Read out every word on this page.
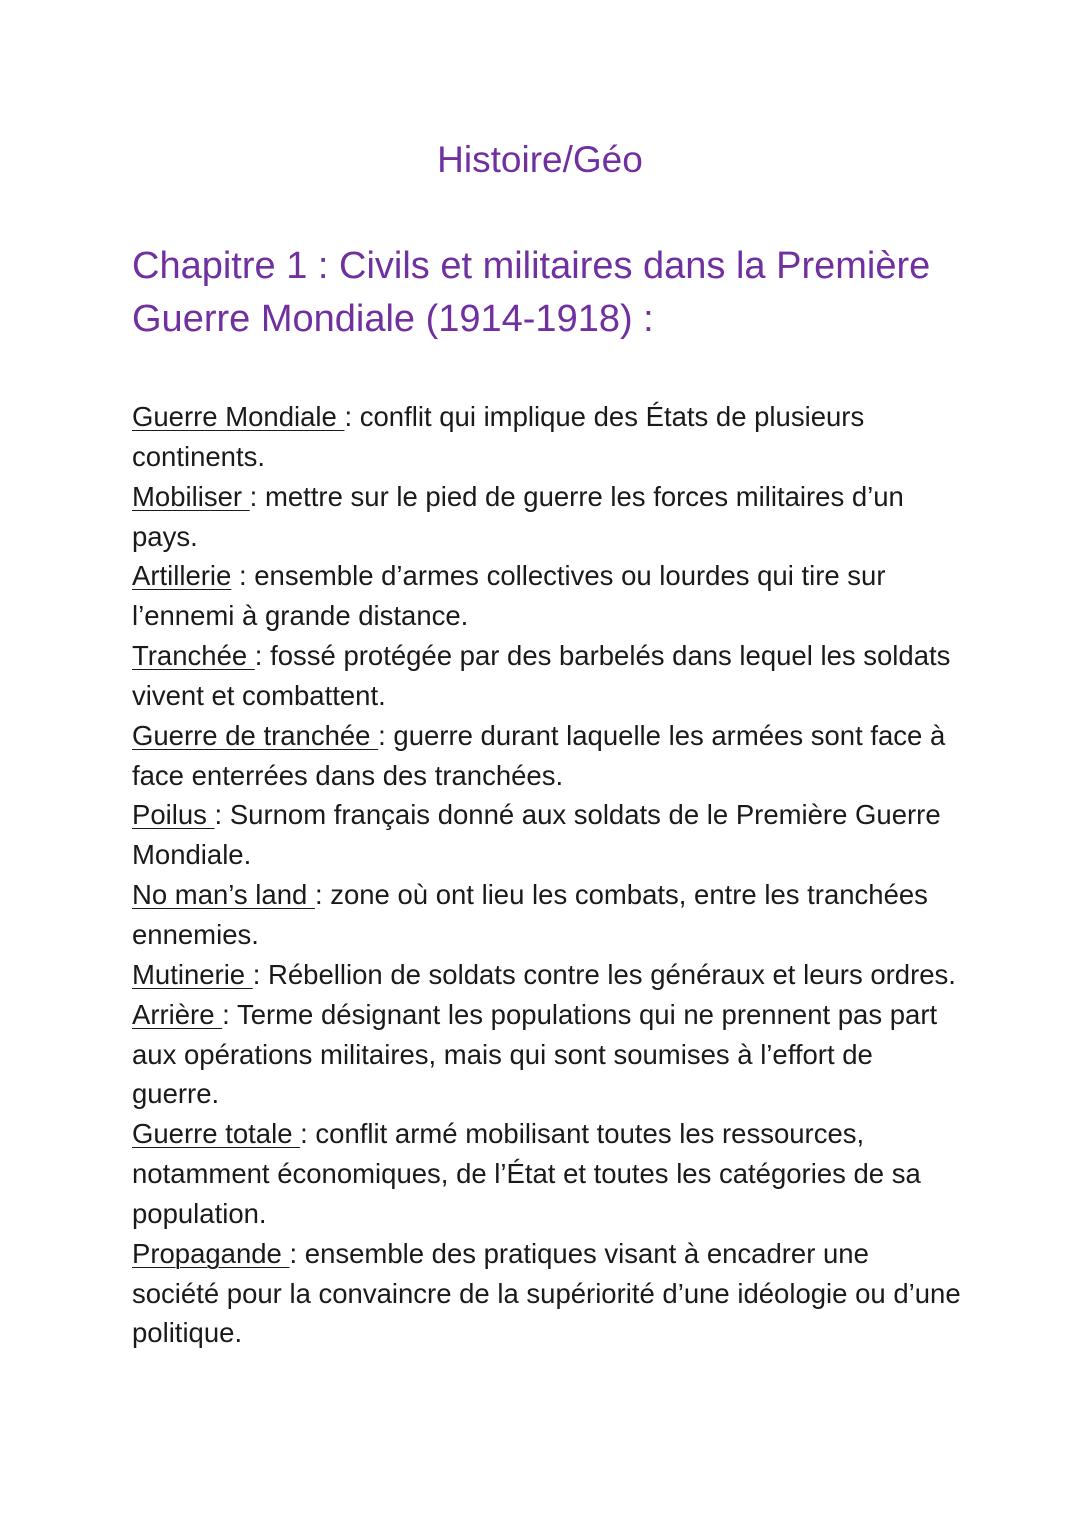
Histoire/Géo
Chapitre 1 : Civils et militaires dans la Première Guerre Mondiale (1914-1918) :
Guerre Mondiale : conflit qui implique des États de plusieurs continents.
Mobiliser : mettre sur le pied de guerre les forces militaires d’un pays.
Artillerie : ensemble d’armes collectives ou lourdes qui tire sur l’ennemi à grande distance.
Tranchée : fossé protégée par des barbelés dans lequel les soldats vivent et combattent.
Guerre de tranchée : guerre durant laquelle les armées sont face à face enterrées dans des tranchées.
Poilus : Surnom français donné aux soldats de le Première Guerre Mondiale.
No man’s land : zone où ont lieu les combats, entre les tranchées ennemies.
Mutinerie : Rébellion de soldats contre les généraux et leurs ordres.
Arrière : Terme désignant les populations qui ne prennent pas part aux opérations militaires, mais qui sont soumises à l’effort de guerre.
Guerre totale : conflit armé mobilisant toutes les ressources, notamment économiques, de l’État et toutes les catégories de sa population.
Propagande : ensemble des pratiques visant à encadrer une société pour la convaincre de la supériorité d’une idéologie ou d’une politique.
